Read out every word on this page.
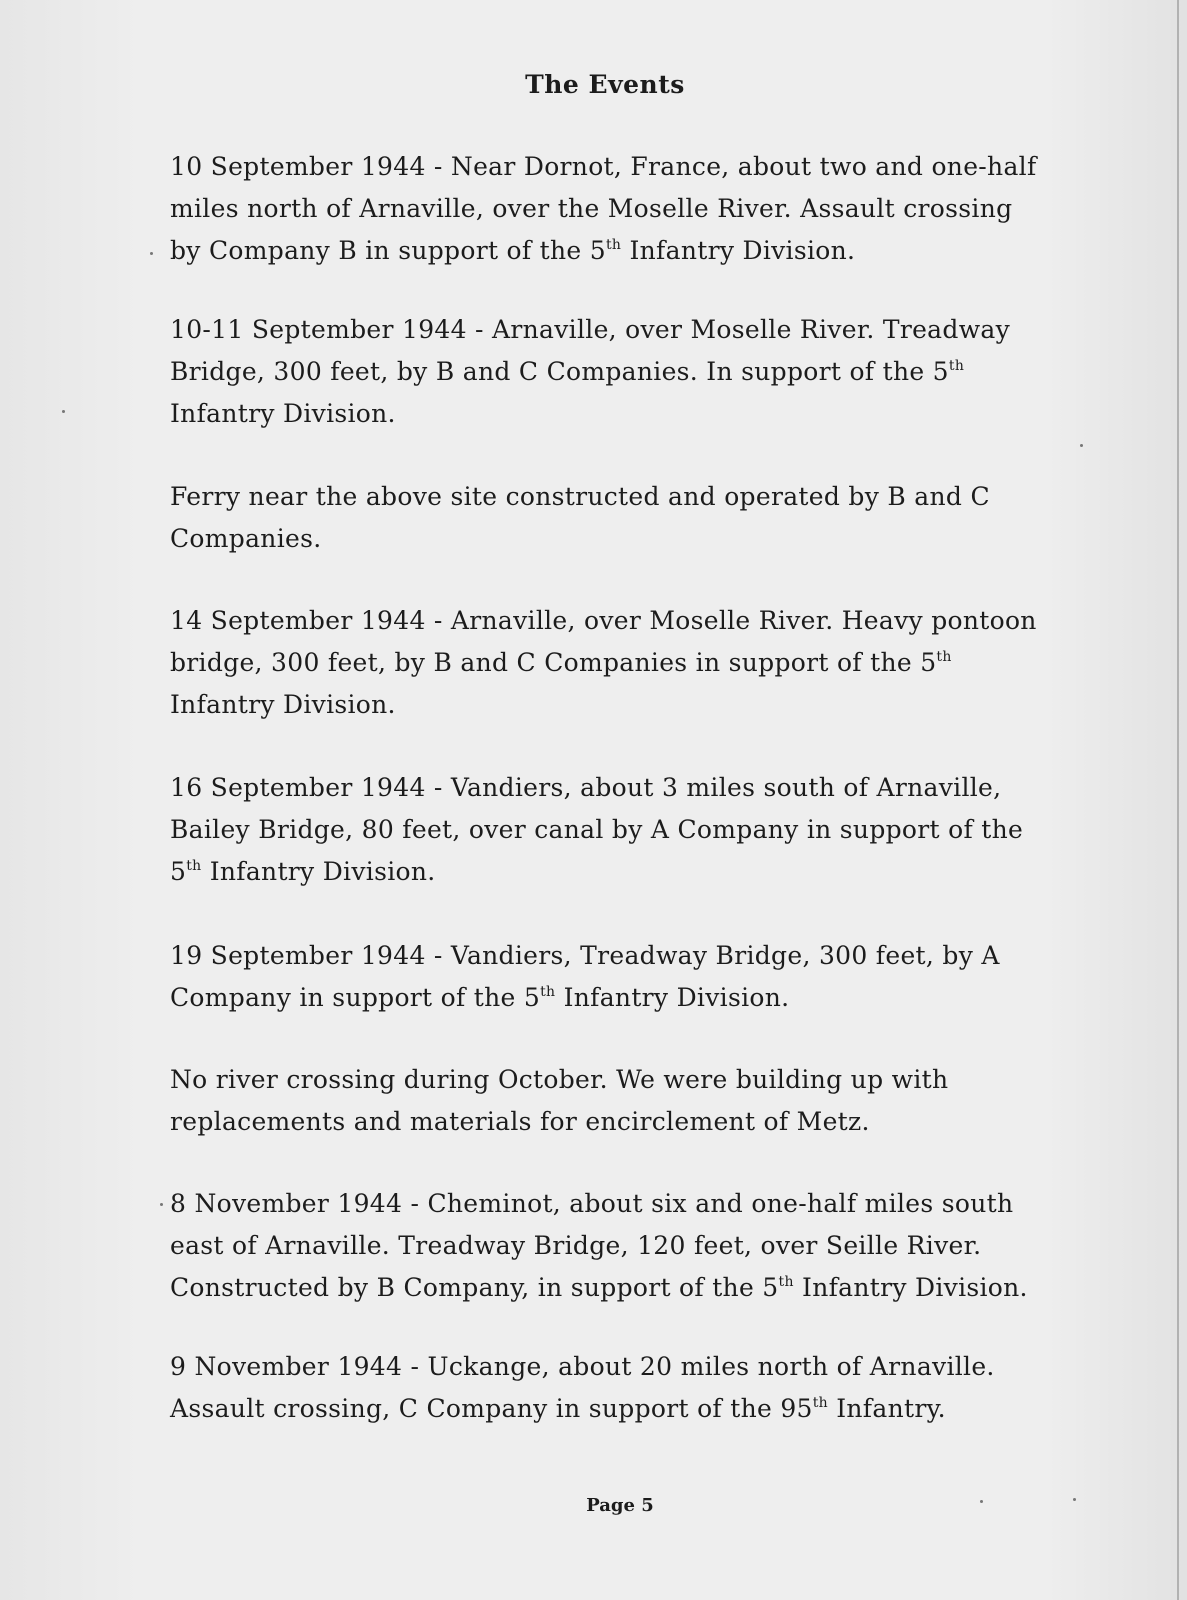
The Events
10 September 1944 - Near Dornot, France, about two and one-half
miles north of Arnaville, over the Moselle River. Assault crossing
by Company B in support of the 5th Infantry Division.
10-11 September 1944 - Arnaville, over Moselle River. Treadway
Bridge, 300 feet, by B and C Companies. In support of the 5th
Infantry Division.
Ferry near the above site constructed and operated by B and C
Companies.
14 September 1944 - Arnaville, over Moselle River. Heavy pontoon
bridge, 300 feet, by B and C Companies in support of the 5th
Infantry Division.
16 September 1944 - Vandiers, about 3 miles south of Arnaville,
Bailey Bridge, 80 feet, over canal by A Company in support of the
5th Infantry Division.
19 September 1944 - Vandiers, Treadway Bridge, 300 feet, by A
Company in support of the 5th Infantry Division.
No river crossing during October. We were building up with
replacements and materials for encirclement of Metz.
8 November 1944 - Cheminot, about six and one-half miles south
east of Arnaville. Treadway Bridge, 120 feet, over Seille River.
Constructed by B Company, in support of the 5th Infantry Division.
9 November 1944 - Uckange, about 20 miles north of Arnaville.
Assault crossing, C Company in support of the 95th Infantry.
Page 5
